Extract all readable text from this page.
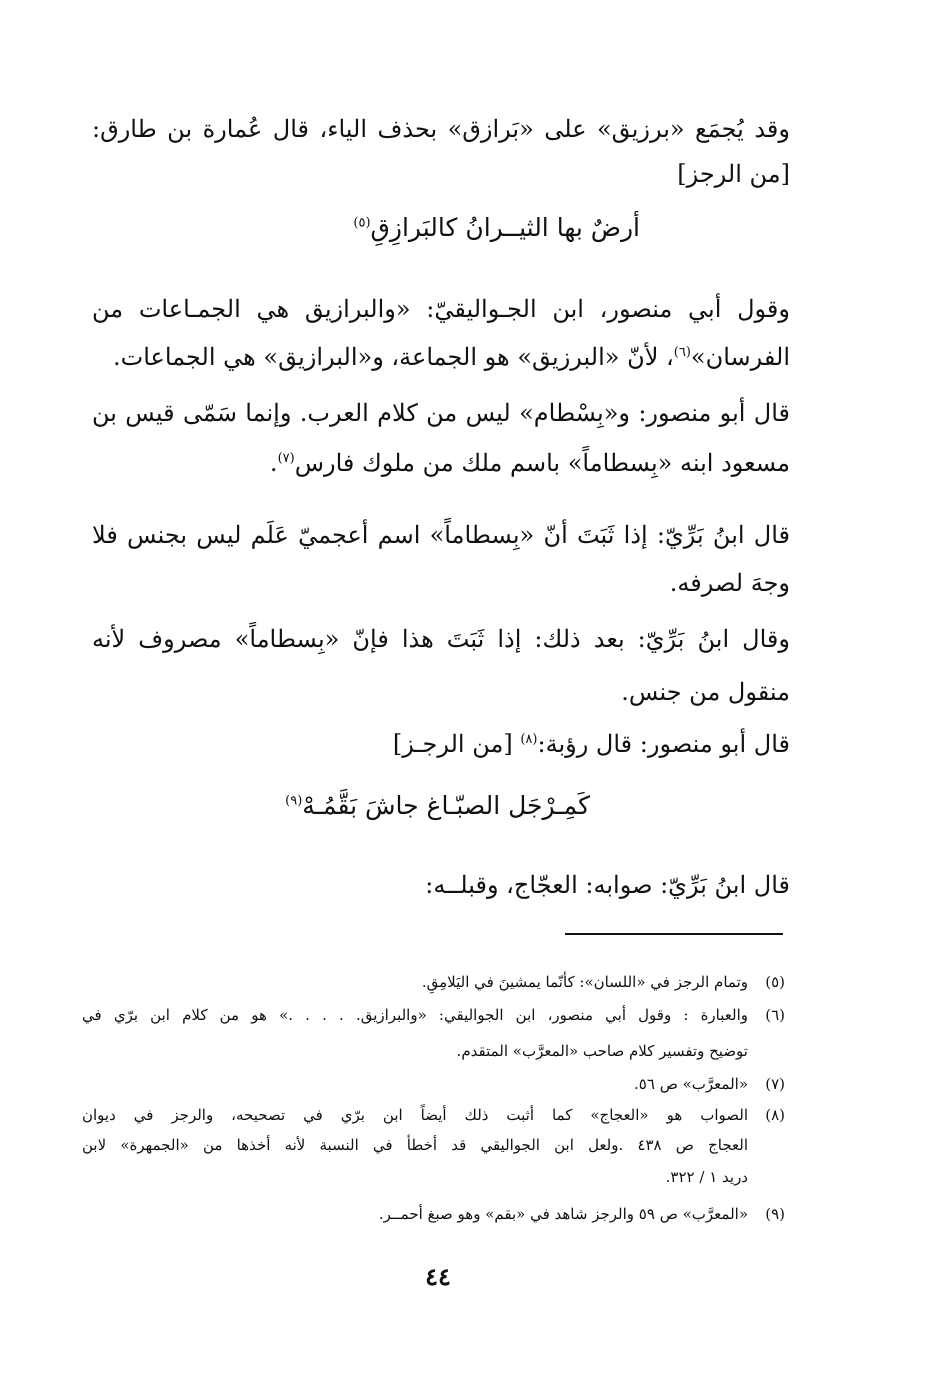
وقد يُجمَع «برزيق» على «بَرازق» بحذف الياء، قال عُمارة بن طارق:
[من الرجز]
أرضٌ بها الثيــرانُ كالبَرازِقِ$^{(٥)}$
وقول أبي منصور، ابن الجـواليقيّ: «والبرازيق هي الجمـاعات من
الفرسان»$^{(٦)}$، لأنّ «البرزيق» هو الجماعة، و«البرازيق» هي الجماعات.
قال أبو منصور: و«بِسْطام» ليس من كلام العرب. وإنما سَمّى قيس بن
مسعود ابنه «بِسطاماً» باسم ملك من ملوك فارس$^{(٧)}$.
قال ابنُ بَرِّيّ: إذا ثَبَتَ أنّ «بِسطاماً» اسم أعجميّ عَلَم ليس بجنس فلا
وجهَ لصرفه.
وقال ابنُ بَرِّيّ: بعد ذلك: إذا ثَبَتَ هذا فإنّ «بِسطاماً» مصروف لأنه
منقول من جنس.
قال أبو منصور: قال رؤبة:$^{(٨)}$ [من الرجـز]
كَمِـرْجَل الصبّـاغ جاشَ بَقَّمُـهْ$^{(٩)}$
قال ابنُ بَرِّيّ: صوابه: العجّاج، وقبلــه:
(٥)
وتمام الرجز في «اللسان»: كأنّما يمشينَ في اليَلامِقِ.
(٦)
والعبارة : وقول أبي منصور، ابن الجواليقي: «والبرازيق. . . . .» هو من كلام ابن برّي في
توضيح وتفسير كلام صاحب «المعرَّب» المتقدم.
(٧)
«المعرَّب» ص ٥٦.
(٨)
الصواب هو «العجاج» كما أثبت ذلك أيضاً ابن برّي في تصحيحه، والرجز في ديوان
العجاج ص ٤٣٨ .ولعل ابن الجواليقي قد أخطأ في النسبة لأنه أخذها من «الجمهرة» لابن
دريد ١ / ٣٢٢.
(٩)
«المعرَّب» ص ٥٩ والرجز شاهد في «بقم» وهو صبغ أحمــر.
٤٤
